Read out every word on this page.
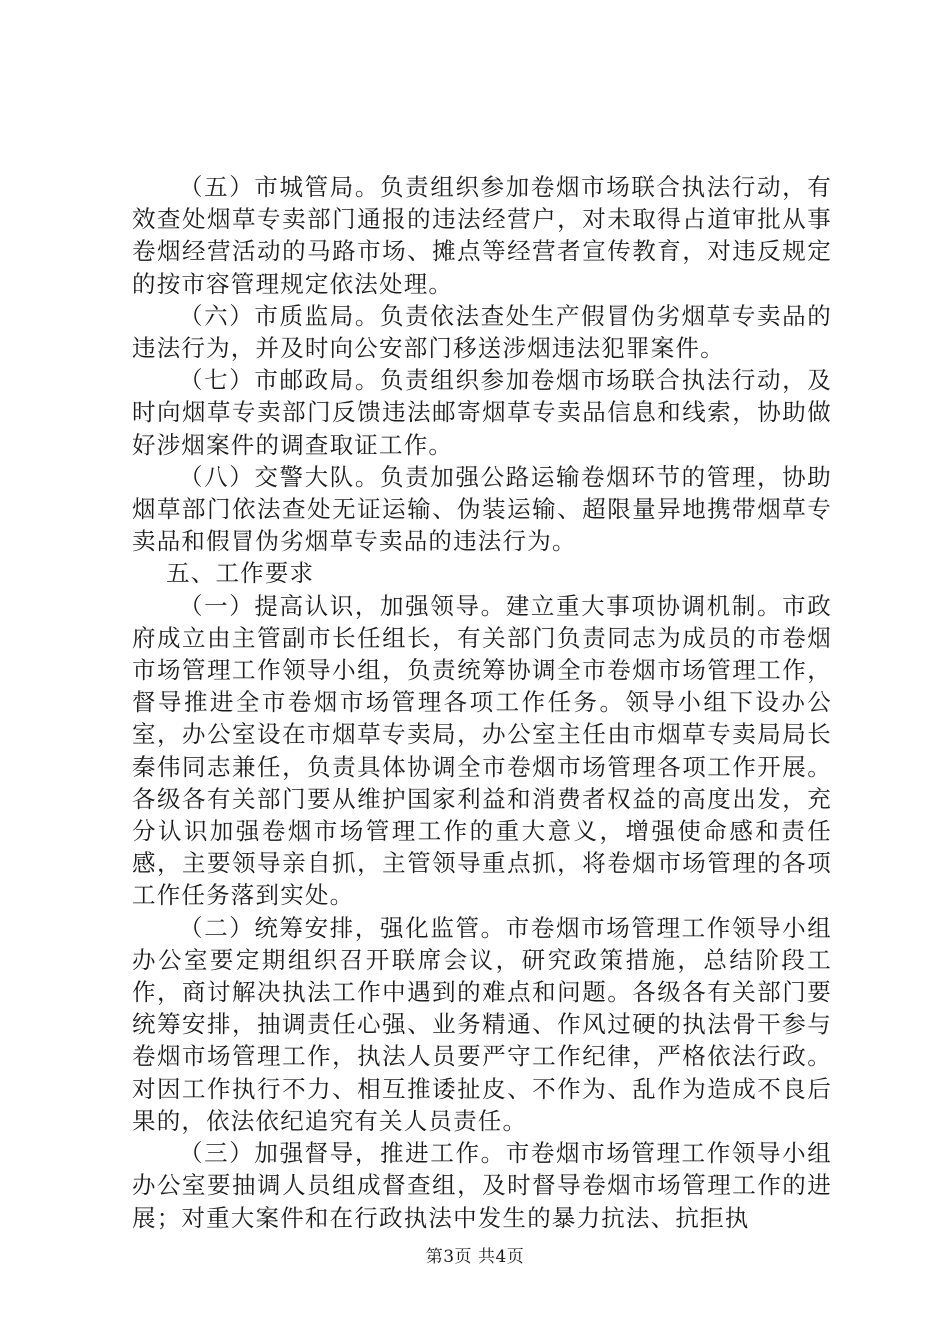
（五）市城管局。负责组织参加卷烟市场联合执法行动，有效查处烟草专卖部门通报的违法经营户，对未取得占道审批从事卷烟经营活动的马路市场、摊点等经营者宣传教育，对违反规定的按市容管理规定依法处理。

（六）市质监局。负责依法查处生产假冒伪劣烟草专卖品的违法行为，并及时向公安部门移送涉烟违法犯罪案件。

（七）市邮政局。负责组织参加卷烟市场联合执法行动，及时向烟草专卖部门反馈违法邮寄烟草专卖品信息和线索，协助做好涉烟案件的调查取证工作。

（八）交警大队。负责加强公路运输卷烟环节的管理，协助烟草部门依法查处无证运输、伪装运输、超限量异地携带烟草专卖品和假冒伪劣烟草专卖品的违法行为。

五、工作要求

（一）提高认识，加强领导。建立重大事项协调机制。市政府成立由主管副市长任组长，有关部门负责同志为成员的市卷烟市场管理工作领导小组，负责统筹协调全市卷烟市场管理工作，督导推进全市卷烟市场管理各项工作任务。领导小组下设办公室，办公室设在市烟草专卖局，办公室主任由市烟草专卖局局长秦伟同志兼任，负责具体协调全市卷烟市场管理各项工作开展。各级各有关部门要从维护国家利益和消费者权益的高度出发，充分认识加强卷烟市场管理工作的重大意义，增强使命感和责任感，主要领导亲自抓，主管领导重点抓，将卷烟市场管理的各项工作任务落到实处。

（二）统筹安排，强化监管。市卷烟市场管理工作领导小组办公室要定期组织召开联席会议，研究政策措施，总结阶段工作，商讨解决执法工作中遇到的难点和问题。各级各有关部门要统筹安排，抽调责任心强、业务精通、作风过硬的执法骨干参与卷烟市场管理工作，执法人员要严守工作纪律，严格依法行政。对因工作执行不力、相互推诿扯皮、不作为、乱作为造成不良后果的，依法依纪追究有关人员责任。

（三）加强督导，推进工作。市卷烟市场管理工作领导小组办公室要抽调人员组成督查组，及时督导卷烟市场管理工作的进展；对重大案件和在行政执法中发生的暴力抗法、抗拒执

第3页 共4页
